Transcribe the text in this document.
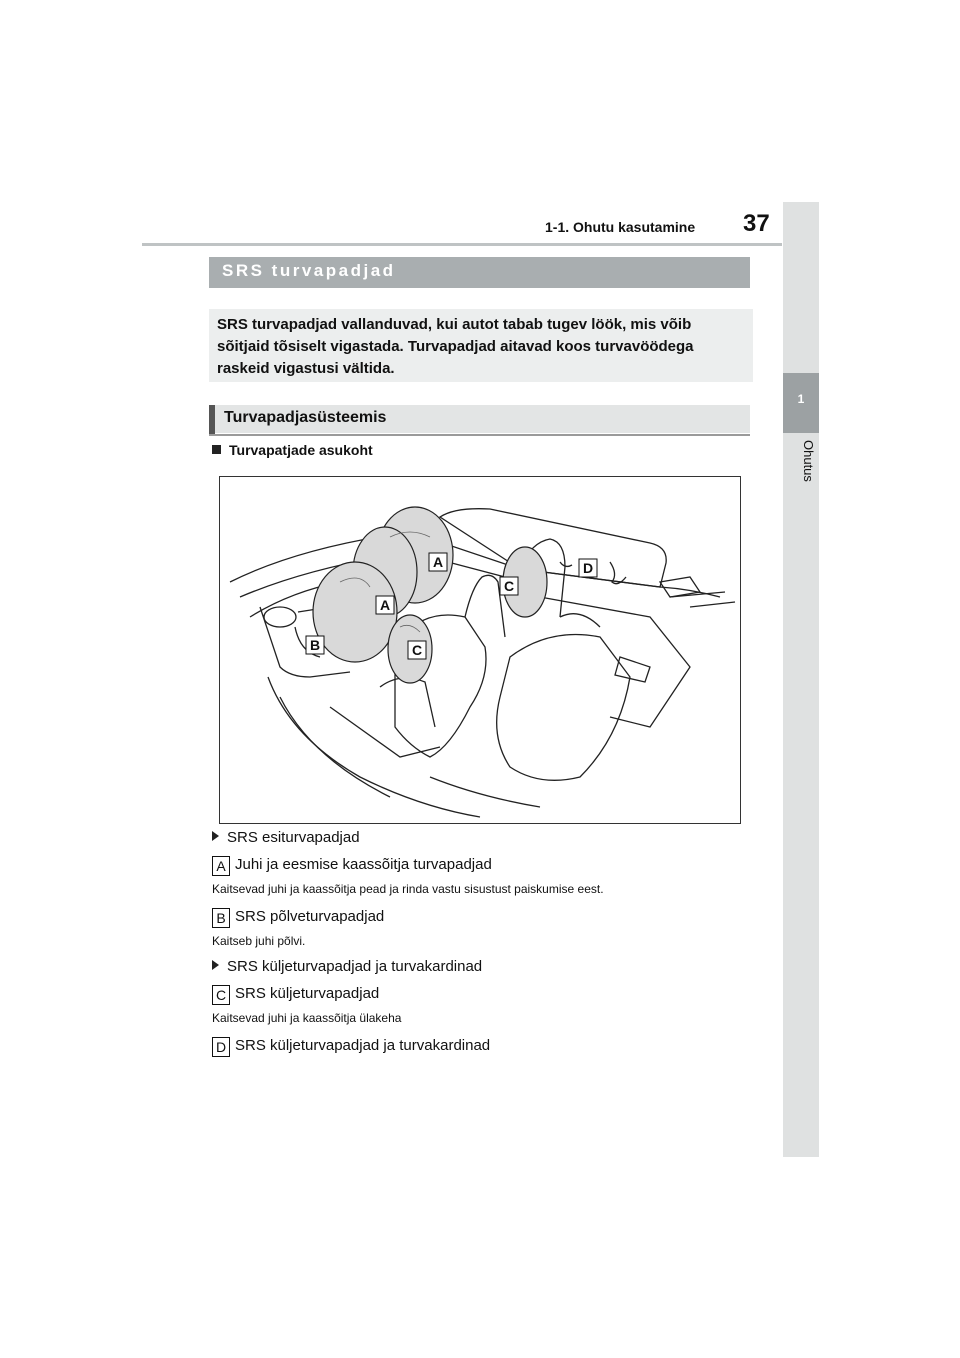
1-1. Ohutu kasutamine 37
1
Ohutus
SRS turvapadjad
SRS turvapadjad vallanduvad, kui autot tabab tugev löök, mis võib sõitjaid tõsiselt vigastada. Turvapadjad aitavad koos turvavöödega raskeid vigastusi vältida.
Turvapadjasüsteemis
Turvapatjade asukoht
A
A
B	C
C
D
SRS esiturvapadjad
A Juhi ja eesmise kaassõitja turvapadjad
Kaitsevad juhi ja kaassõitja pead ja rinda vastu sisustust paiskumise eest.
B SRS põlveturvapadjad
Kaitseb juhi põlvi.
SRS küljeturvapadjad ja turvakardinad
C SRS küljeturvapadjad
Kaitsevad juhi ja kaassõitja ülakeha
D SRS küljeturvapadjad ja turvakardinad
